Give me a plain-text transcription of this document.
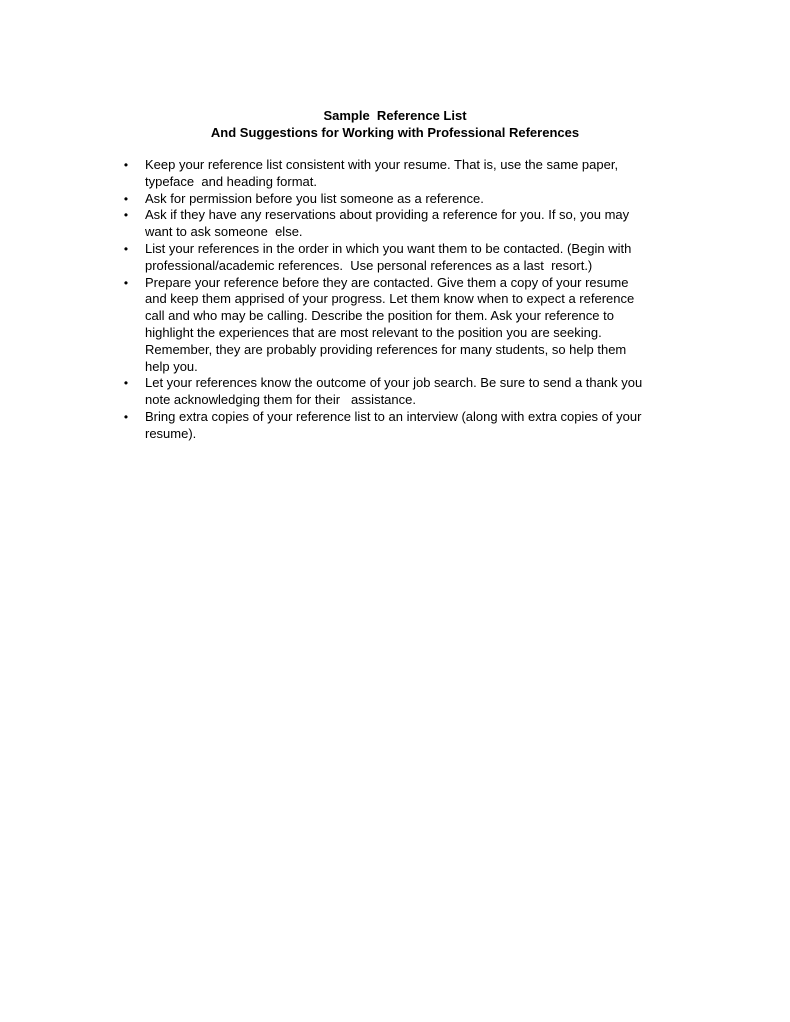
Sample  Reference List
And Suggestions for Working with Professional References
• Keep your reference list consistent with your resume. That is, use the same paper,
typeface  and heading format.
• Ask for permission before you list someone as a reference.
• Ask if they have any reservations about providing a reference for you. If so, you may
want to ask someone  else.
• List your references in the order in which you want them to be contacted. (Begin with
professional/academic references.  Use personal references as a last  resort.)
• Prepare your reference before they are contacted. Give them a copy of your resume
and keep them apprised of your progress. Let them know when to expect a reference
call and who may be calling. Describe the position for them. Ask your reference to
highlight the experiences that are most relevant to the position you are seeking.
Remember, they are probably providing references for many students, so help them
help you.
• Let your references know the outcome of your job search. Be sure to send a thank you
note acknowledging them for their   assistance.
• Bring extra copies of your reference list to an interview (along with extra copies of your
resume).
